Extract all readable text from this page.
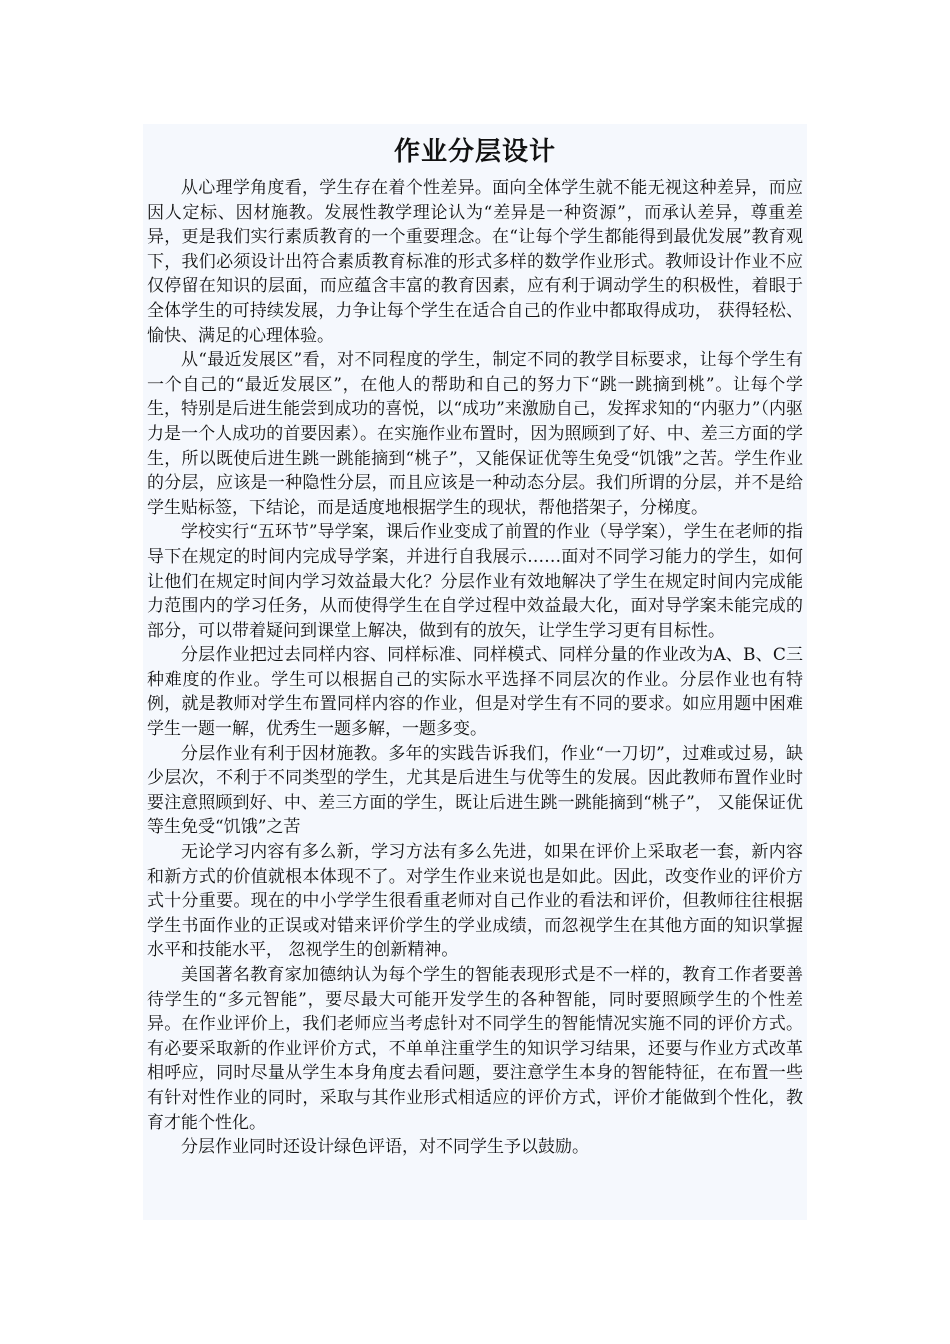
作业分层设计

从心理学角度看，学生存在着个性差异。面向全体学生就不能无视这种差异，而应因人定标、因材施教。发展性教学理论认为“差异是一种资源”，而承认差异，尊重差异，更是我们实行素质教育的一个重要理念。在“让每个学生都能得到最优发展”教育观下，我们必须设计出符合素质教育标准的形式多样的数学作业形式。教师设计作业不应仅停留在知识的层面，而应蕴含丰富的教育因素，应有利于调动学生的积极性，着眼于全体学生的可持续发展，力争让每个学生在适合自己的作业中都取得成功， 获得轻松、愉快、满足的心理体验。

从“最近发展区”看，对不同程度的学生，制定不同的教学目标要求，让每个学生有一个自己的“最近发展区”，在他人的帮助和自己的努力下“跳一跳摘到桃”。让每个学生，特别是后进生能尝到成功的喜悦，以“成功”来激励自己，发挥求知的“内驱力”（内驱力是一个人成功的首要因素）。在实施作业布置时，因为照顾到了好、中、差三方面的学生，所以既使后进生跳一跳能摘到“桃子”，又能保证优等生免受“饥饿”之苦。学生作业的分层，应该是一种隐性分层，而且应该是一种动态分层。我们所谓的分层，并不是给学生贴标签，下结论，而是适度地根据学生的现状，帮他搭架子，分梯度。

学校实行“五环节”导学案，课后作业变成了前置的作业（导学案），学生在老师的指导下在规定的时间内完成导学案，并进行自我展示……面对不同学习能力的学生，如何让他们在规定时间内学习效益最大化？分层作业有效地解决了学生在规定时间内完成能力范围内的学习任务，从而使得学生在自学过程中效益最大化，面对导学案未能完成的部分，可以带着疑问到课堂上解决，做到有的放矢，让学生学习更有目标性。

分层作业把过去同样内容、同样标准、同样模式、同样分量的作业改为A、B、C三种难度的作业。学生可以根据自己的实际水平选择不同层次的作业。分层作业也有特例，就是教师对学生布置同样内容的作业，但是对学生有不同的要求。如应用题中困难学生一题一解，优秀生一题多解，一题多变。

分层作业有利于因材施教。多年的实践告诉我们，作业“一刀切”，过难或过易，缺少层次，不利于不同类型的学生，尤其是后进生与优等生的发展。因此教师布置作业时要注意照顾到好、中、差三方面的学生，既让后进生跳一跳能摘到“桃子”， 又能保证优等生免受“饥饿”之苦

无论学习内容有多么新，学习方法有多么先进，如果在评价上采取老一套，新内容和新方式的价值就根本体现不了。对学生作业来说也是如此。因此，改变作业的评价方式十分重要。现在的中小学学生很看重老师对自己作业的看法和评价，但教师往往根据学生书面作业的正误或对错来评价学生的学业成绩，而忽视学生在其他方面的知识掌握水平和技能水平， 忽视学生的创新精神。

美国著名教育家加德纳认为每个学生的智能表现形式是不一样的，教育工作者要善待学生的“多元智能”，要尽最大可能开发学生的各种智能，同时要照顾学生的个性差异。在作业评价上，我们老师应当考虑针对不同学生的智能情况实施不同的评价方式。有必要采取新的作业评价方式，不单单注重学生的知识学习结果，还要与作业方式改革相呼应，同时尽量从学生本身角度去看问题，要注意学生本身的智能特征，在布置一些有针对性作业的同时，采取与其作业形式相适应的评价方式，评价才能做到个性化，教育才能个性化。

分层作业同时还设计绿色评语，对不同学生予以鼓励。
